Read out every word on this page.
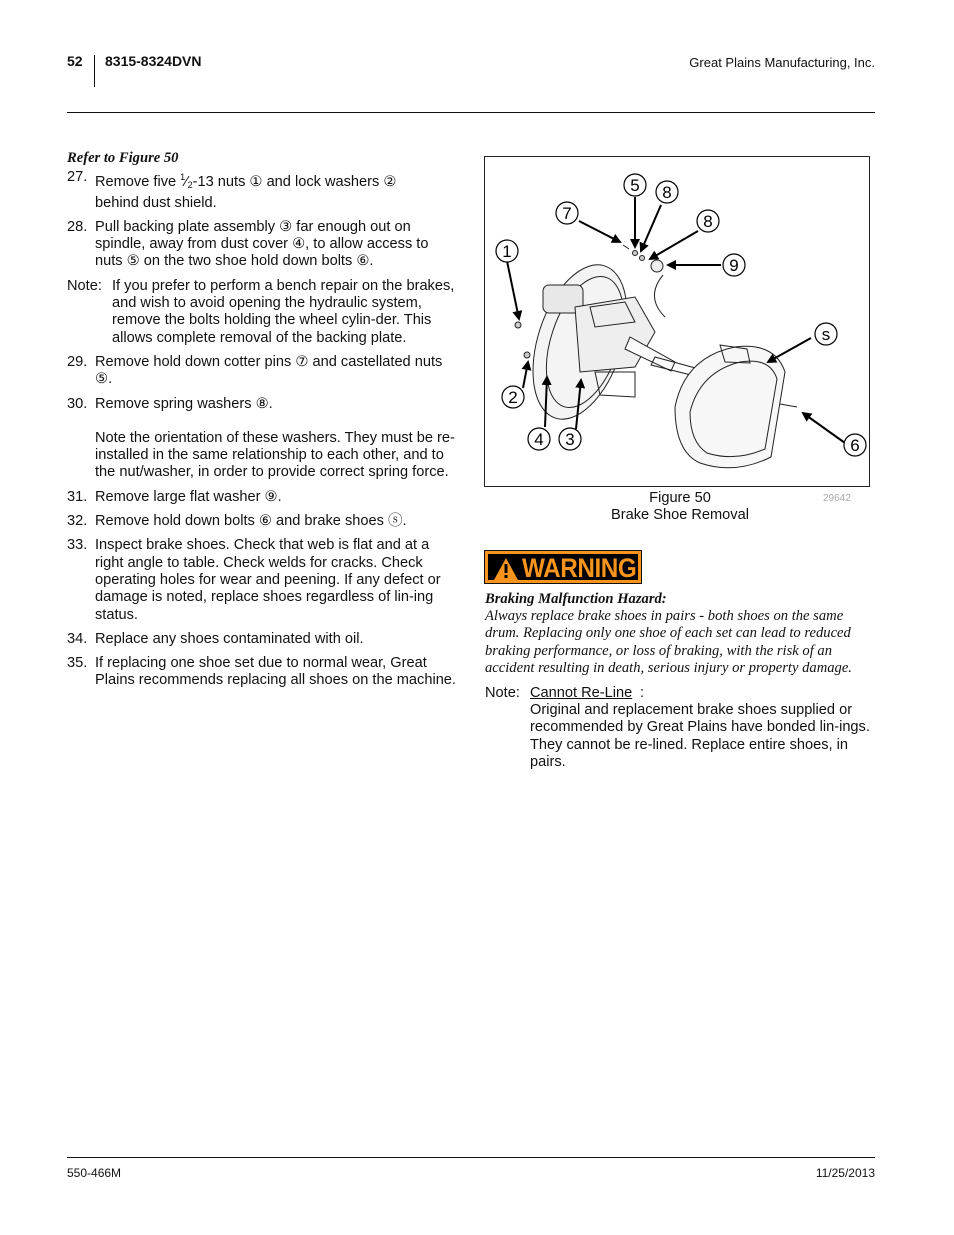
52 8315-8324DVN	Great Plains Manufacturing, Inc.
Refer to Figure 50
27. Remove five $^1⁄_2-13$ nuts ① and lock washers ②
behind dust shield.
28. Pull backing plate assembly ③ far enough out on spindle, away from dust cover ④, to allow access to nuts ⑤ on the two shoe hold down bolts ⑥.
Note: If you prefer to perform a bench repair on the brakes, and wish to avoid opening the hydraulic system, remove the bolts holding the wheel cylin-der. This allows complete removal of the backing plate.
29. Remove hold down cotter pins ⑦ and castellated nuts ⑤.
30. Remove spring washers ⑧.
Note the orientation of these washers. They must be re-installed in the same relationship to each other, and to the nut/washer, in order to provide correct spring force.
31. Remove large flat washer ⑨.
32. Remove hold down bolts ⑥ and brake shoes ⓢ.
33. Inspect brake shoes. Check that web is flat and at a right angle to table. Check welds for cracks. Check operating holes for wear and peening. If any defect or damage is noted, replace shoes regardless of lin-ing status.
34. Replace any shoes contaminated with oil.
35. If replacing one shoe set due to normal wear, Great Plains recommends replacing all shoes on the machine.
1
2
3
4
5
6
7
8
8
9
s
Figure 50
Brake Shoe Removal
29642
WARNING
Braking Malfunction Hazard:
Always replace brake shoes in pairs - both shoes on the same drum. Replacing only one shoe of each set can lead to reduced braking performance, or loss of braking, with the risk of an accident resulting in death, serious injury or property damage.
Note: Cannot Re-Line :
Original and replacement brake shoes supplied or recommended by Great Plains have bonded lin-ings. They cannot be re-lined. Replace entire shoes, in pairs.
550-466M	11/25/2013
